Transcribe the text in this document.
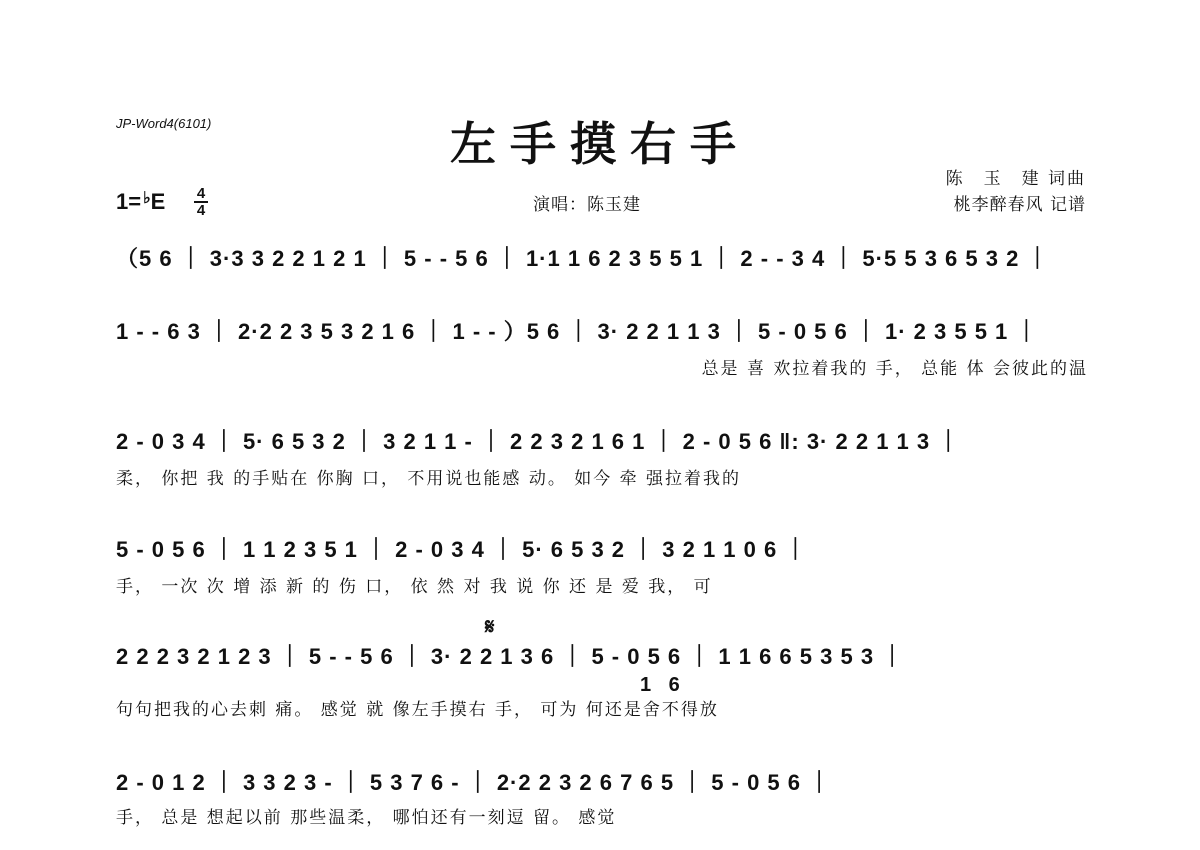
JP-Word4(6101)	左手摸右手
陈　玉　建 词曲
桃李醉春风 记谱
演唱：陈玉建
1= ♭E 4
4
（5 6 ｜ 3·3 3 2 2 1 2 1 ｜ 5 - - 5 6 ｜ 1·1 1 6 2 3 5 5 1 ｜ 2 - - 3 4 ｜ 5·5 5 3 6 5 3 2 ｜
1 - - 6 3 ｜ 2·2 2 3 5 3 2 1 6 ｜ 1 - - ）5 6 ｜ 3· 2 2 1 1 3 ｜ 5 - 0 5 6 ｜ 1· 2 3 5 5 1 ｜
总是 喜 欢拉着我的 手， 总能 体 会彼此的温
2 - 0 3 4 ｜ 5· 6 5 3 2 ｜ 3 2 1 1 - ｜ 2 2 3 2 1 6 1 ｜ 2 - 0 5 6 ‖: 3· 2 2 1 1 3 ｜
柔， 你把 我 的手贴在 你胸 口， 不用说也能感 动。 如今 牵 强拉着我的
5 - 0 5 6 ｜ 1 1 2 3 5 1 ｜ 2 - 0 3 4 ｜ 5· 6 5 3 2 ｜ 3 2 1 1 0 6 ｜
手， 一次 次 增 添 新 的 伤 口， 依 然 对 我 说 你 还 是 爱 我， 可
𝄋
2 2 2 3 2 1 2 3 ｜ 5 - - 5 6 ｜ 3· 2 2 1 3 6 ｜ 5 - 0 5 6 ｜ 1 1 6 6 5 3 5 3 ｜
句句把我的心去刺 痛。 感觉 就 像左手摸右 手， 可为 何还是舍不得放
1 6
2 - 0 1 2 ｜ 3 3 2 3 - ｜ 5 3 7 6 - ｜ 2·2 2 3 2 6 7 6 5 ｜ 5 - 0 5 6 ｜
手， 总是 想起以前 那些温柔， 哪怕还有一刻逗 留。 感觉
